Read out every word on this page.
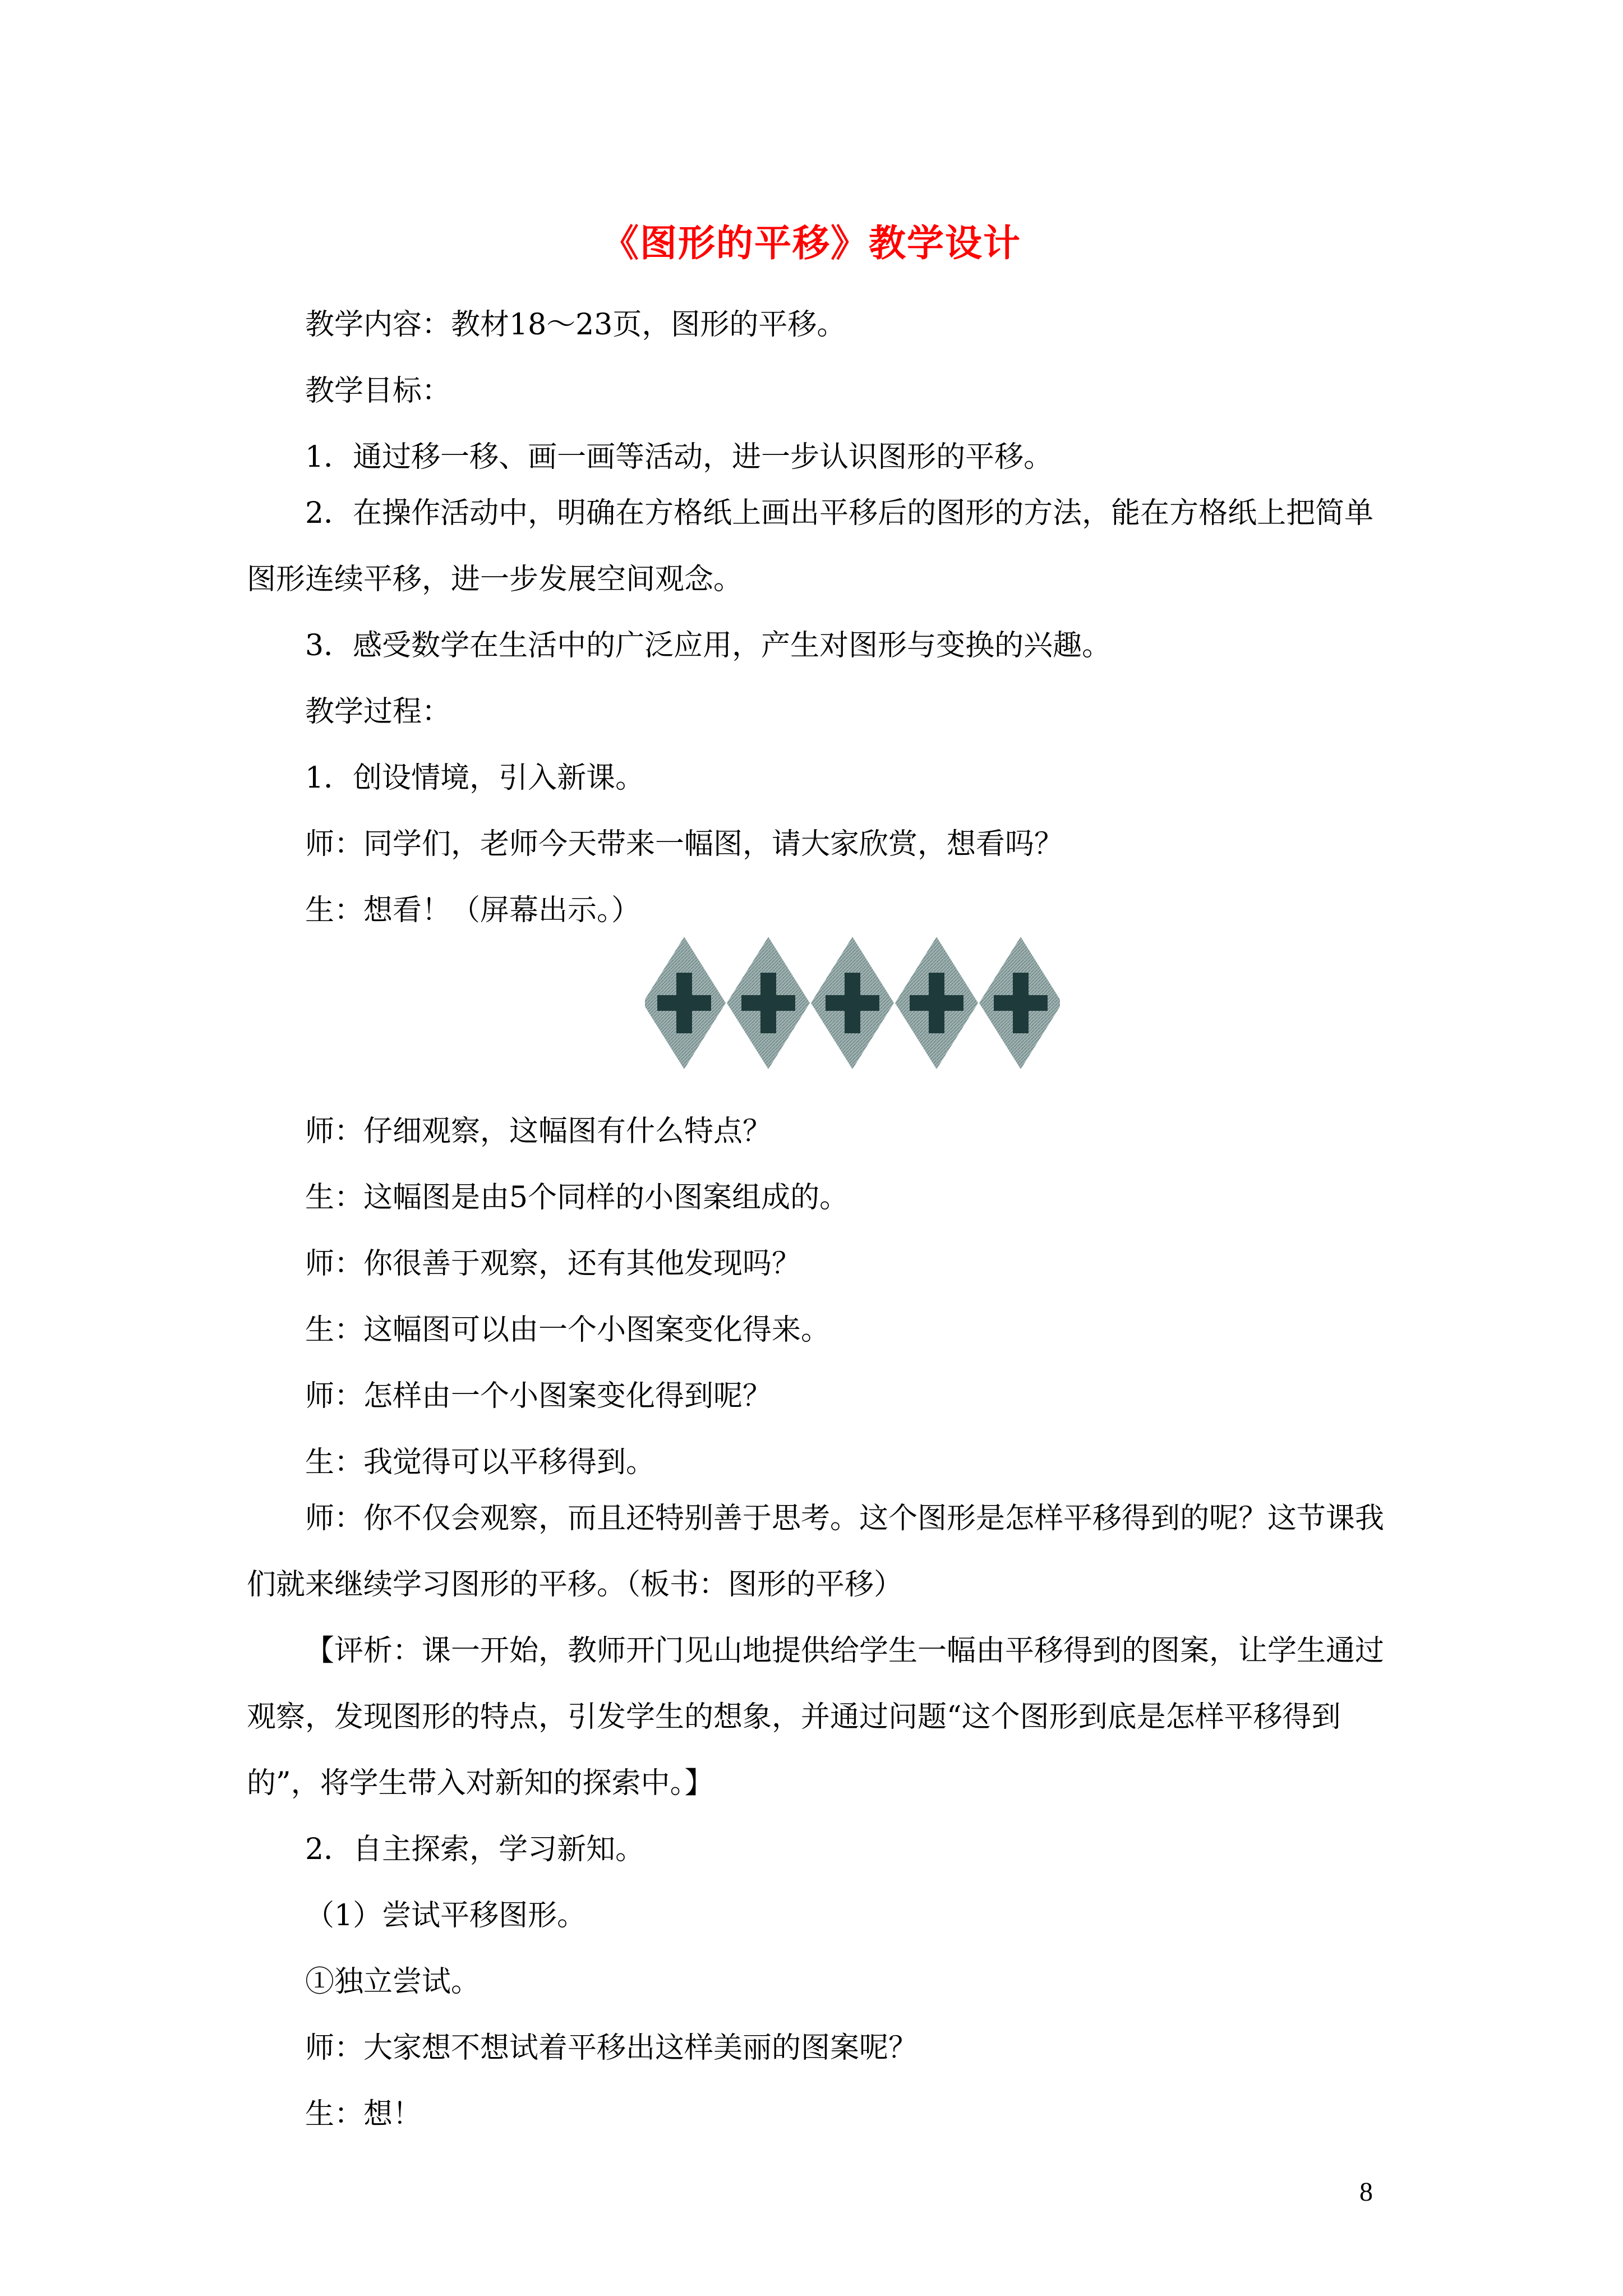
《图形的平移》教学设计
教学内容：教材18～23页，图形的平移。
教学目标：
1．通过移一移、画一画等活动，进一步认识图形的平移。
2．在操作活动中，明确在方格纸上画出平移后的图形的方法，能在方格纸上把简单图形连续平移，进一步发展空间观念。
3．感受数学在生活中的广泛应用，产生对图形与变换的兴趣。
教学过程：
1．创设情境，引入新课。
师：同学们，老师今天带来一幅图，请大家欣赏，想看吗？
生：想看！（屏幕出示。）
师：仔细观察，这幅图有什么特点？
生：这幅图是由5个同样的小图案组成的。
师：你很善于观察，还有其他发现吗？
生：这幅图可以由一个小图案变化得来。
师：怎样由一个小图案变化得到呢？
生：我觉得可以平移得到。
师：你不仅会观察，而且还特别善于思考。这个图形是怎样平移得到的呢？这节课我们就来继续学习图形的平移。（板书：图形的平移）
【评析：课一开始，教师开门见山地提供给学生一幅由平移得到的图案，让学生通过观察，发现图形的特点，引发学生的想象，并通过问题“这个图形到底是怎样平移得到的”，将学生带入对新知的探索中。】
2．自主探索，学习新知。
（1）尝试平移图形。
①独立尝试。
师：大家想不想试着平移出这样美丽的图案呢？
生：想！
8
